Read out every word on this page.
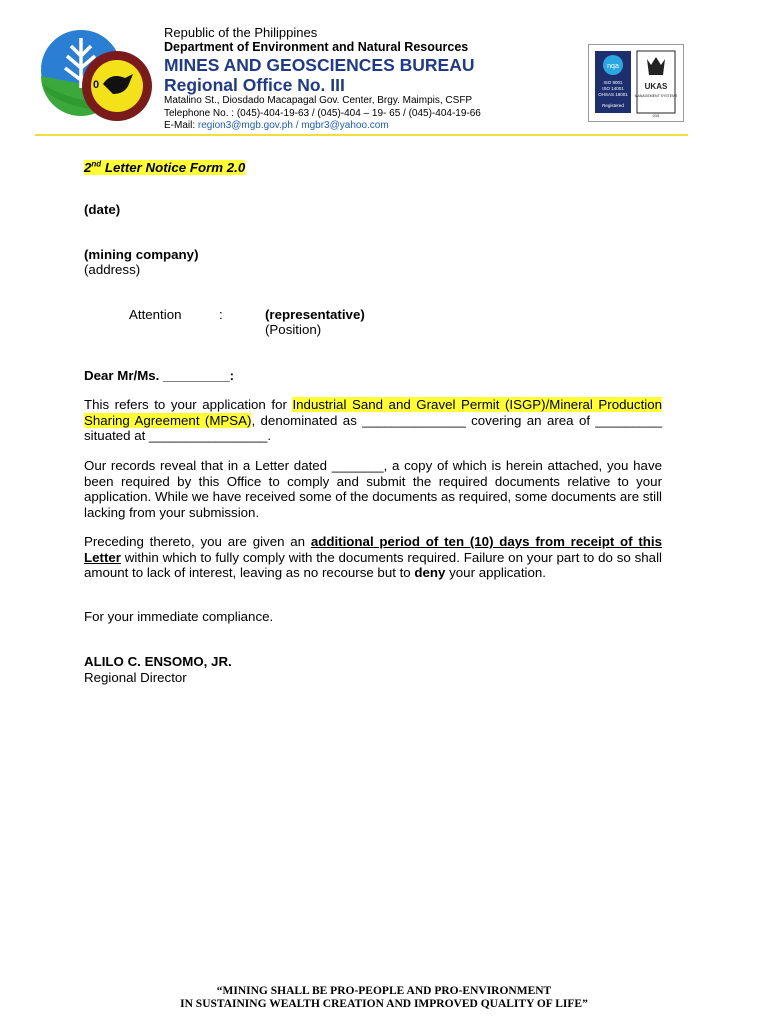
0
Republic of the Philippines
Department of Environment and Natural Resources
MINES AND GEOSCIENCES BUREAU
Regional Office No. III
Matalino St., Diosdado Macapagal Gov. Center, Brgy. Maimpis, CSFP
Telephone No. : (045)-404-19-63 / (045)-404 – 19- 65 / (045)-404-19-66
E-Mail: region3@mgb.gov.ph / mgbr3@yahoo.com
nqa
ISO 9001
ISO 14001
OHSAS 18001
Registered
UKAS
MANAGEMENT SYSTEMS
015
2nd Letter Notice Form 2.0
(date)
(mining company)
(address)
Attention	:	(representative)
(Position)
Dear Mr/Ms. _________:
This refers to your application for Industrial Sand and Gravel Permit (ISGP)/Mineral Production Sharing Agreement (MPSA), denominated as ______________ covering an area of _________ situated at ________________.
Our records reveal that in a Letter dated _______, a copy of which is herein attached, you have been required by this Office to comply and submit the required documents relative to your application. While we have received some of the documents as required, some documents are still lacking from your submission.
Preceding thereto, you are given an additional period of ten (10) days from receipt of this Letter within which to fully comply with the documents required. Failure on your part to do so shall amount to lack of interest, leaving as no recourse but to deny your application.
For your immediate compliance.
ALILO C. ENSOMO, JR.
Regional Director
“MINING SHALL BE PRO-PEOPLE AND PRO-ENVIRONMENT
IN SUSTAINING WEALTH CREATION AND IMPROVED QUALITY OF LIFE”
